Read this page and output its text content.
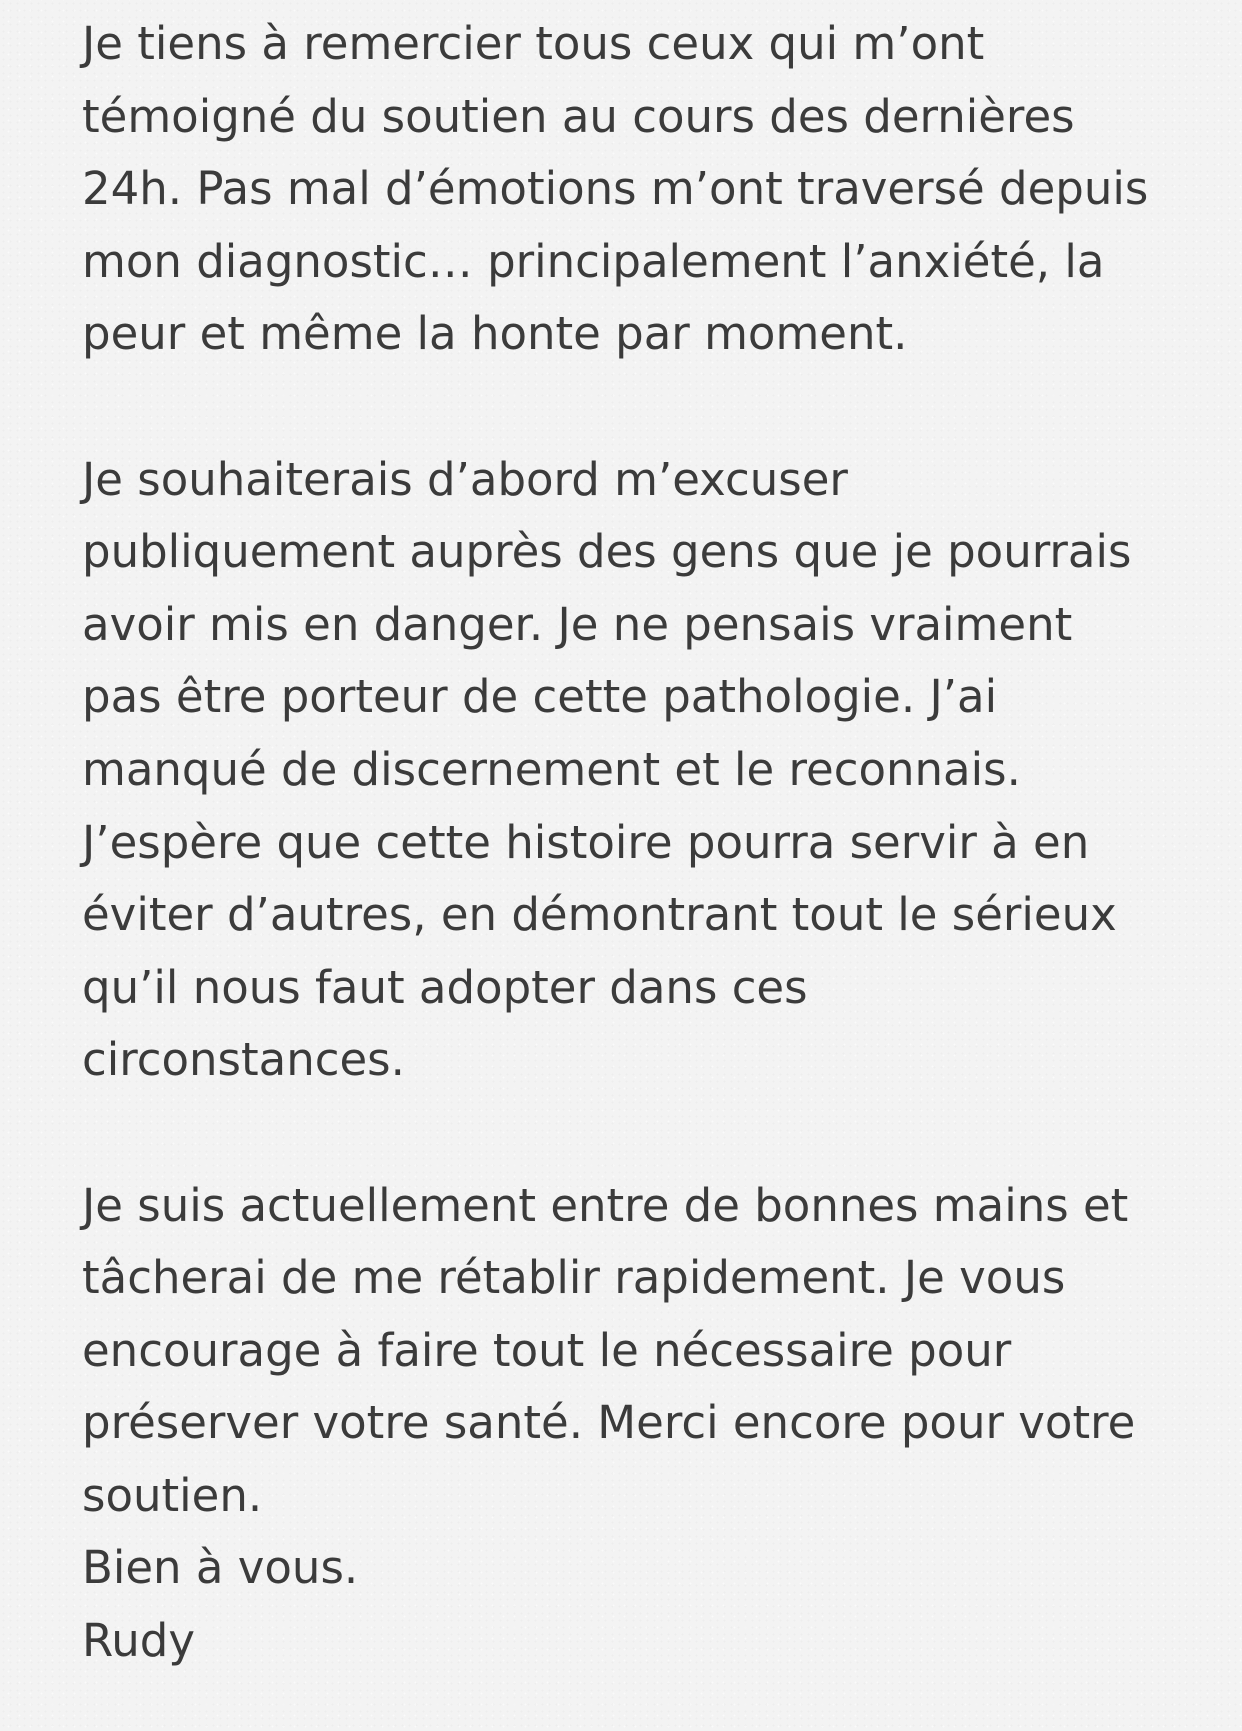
Je tiens à remercier tous ceux qui m’ont
témoigné du soutien au cours des dernières
24h. Pas mal d’émotions m’ont traversé depuis
mon diagnostic… principalement l’anxiété, la
peur et même la honte par moment.

Je souhaiterais d’abord m’excuser
publiquement auprès des gens que je pourrais
avoir mis en danger. Je ne pensais vraiment
pas être porteur de cette pathologie. J’ai
manqué de discernement et le reconnais.
J’espère que cette histoire pourra servir à en
éviter d’autres, en démontrant tout le sérieux
qu’il nous faut adopter dans ces
circonstances.

Je suis actuellement entre de bonnes mains et
tâcherai de me rétablir rapidement. Je vous
encourage à faire tout le nécessaire pour
préserver votre santé. Merci encore pour votre
soutien.

Bien à vous.

Rudy
